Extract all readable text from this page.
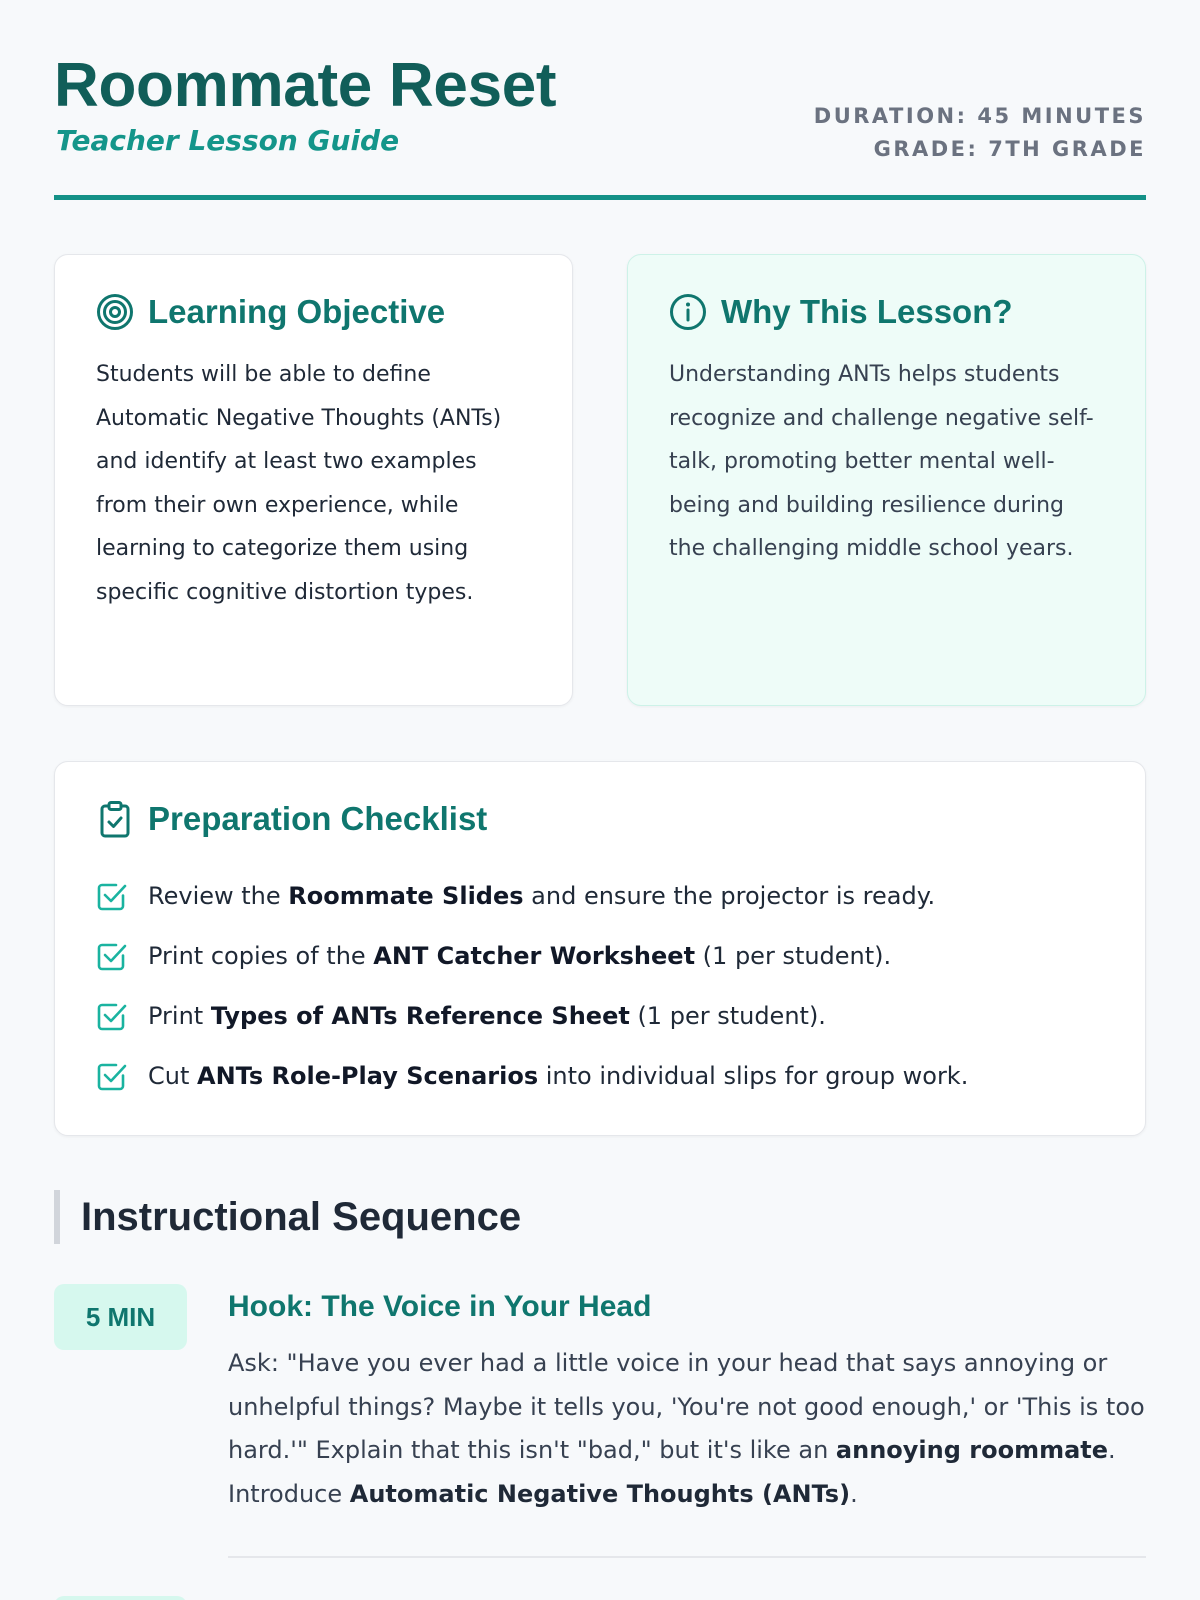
Roommate Reset
Teacher Lesson Guide
DURATION: 45 MINUTES
GRADE: 7TH GRADE
Learning Objective

Students will be able to define Automatic Negative Thoughts (ANTs) and identify at least two examples from their own experience, while learning to categorize them using specific cognitive distortion types.

Why This Lesson?

Understanding ANTs helps students recognize and challenge negative self-talk, promoting better mental well-being and building resilience during the challenging middle school years.

Preparation Checklist
Review the Roommate Slides and ensure the projector is ready.
Print copies of the ANT Catcher Worksheet (1 per student).
Print Types of ANTs Reference Sheet (1 per student).
Cut ANTs Role-Play Scenarios into individual slips for group work.
Instructional Sequence
5 MIN	Hook: The Voice in Your Head

Ask: "Have you ever had a little voice in your head that says annoying or unhelpful things? Maybe it tells you, 'You're not good enough,' or 'This is too hard.'" Explain that this isn't "bad," but it's like an annoying roommate. Introduce Automatic Negative Thoughts (ANTs).
